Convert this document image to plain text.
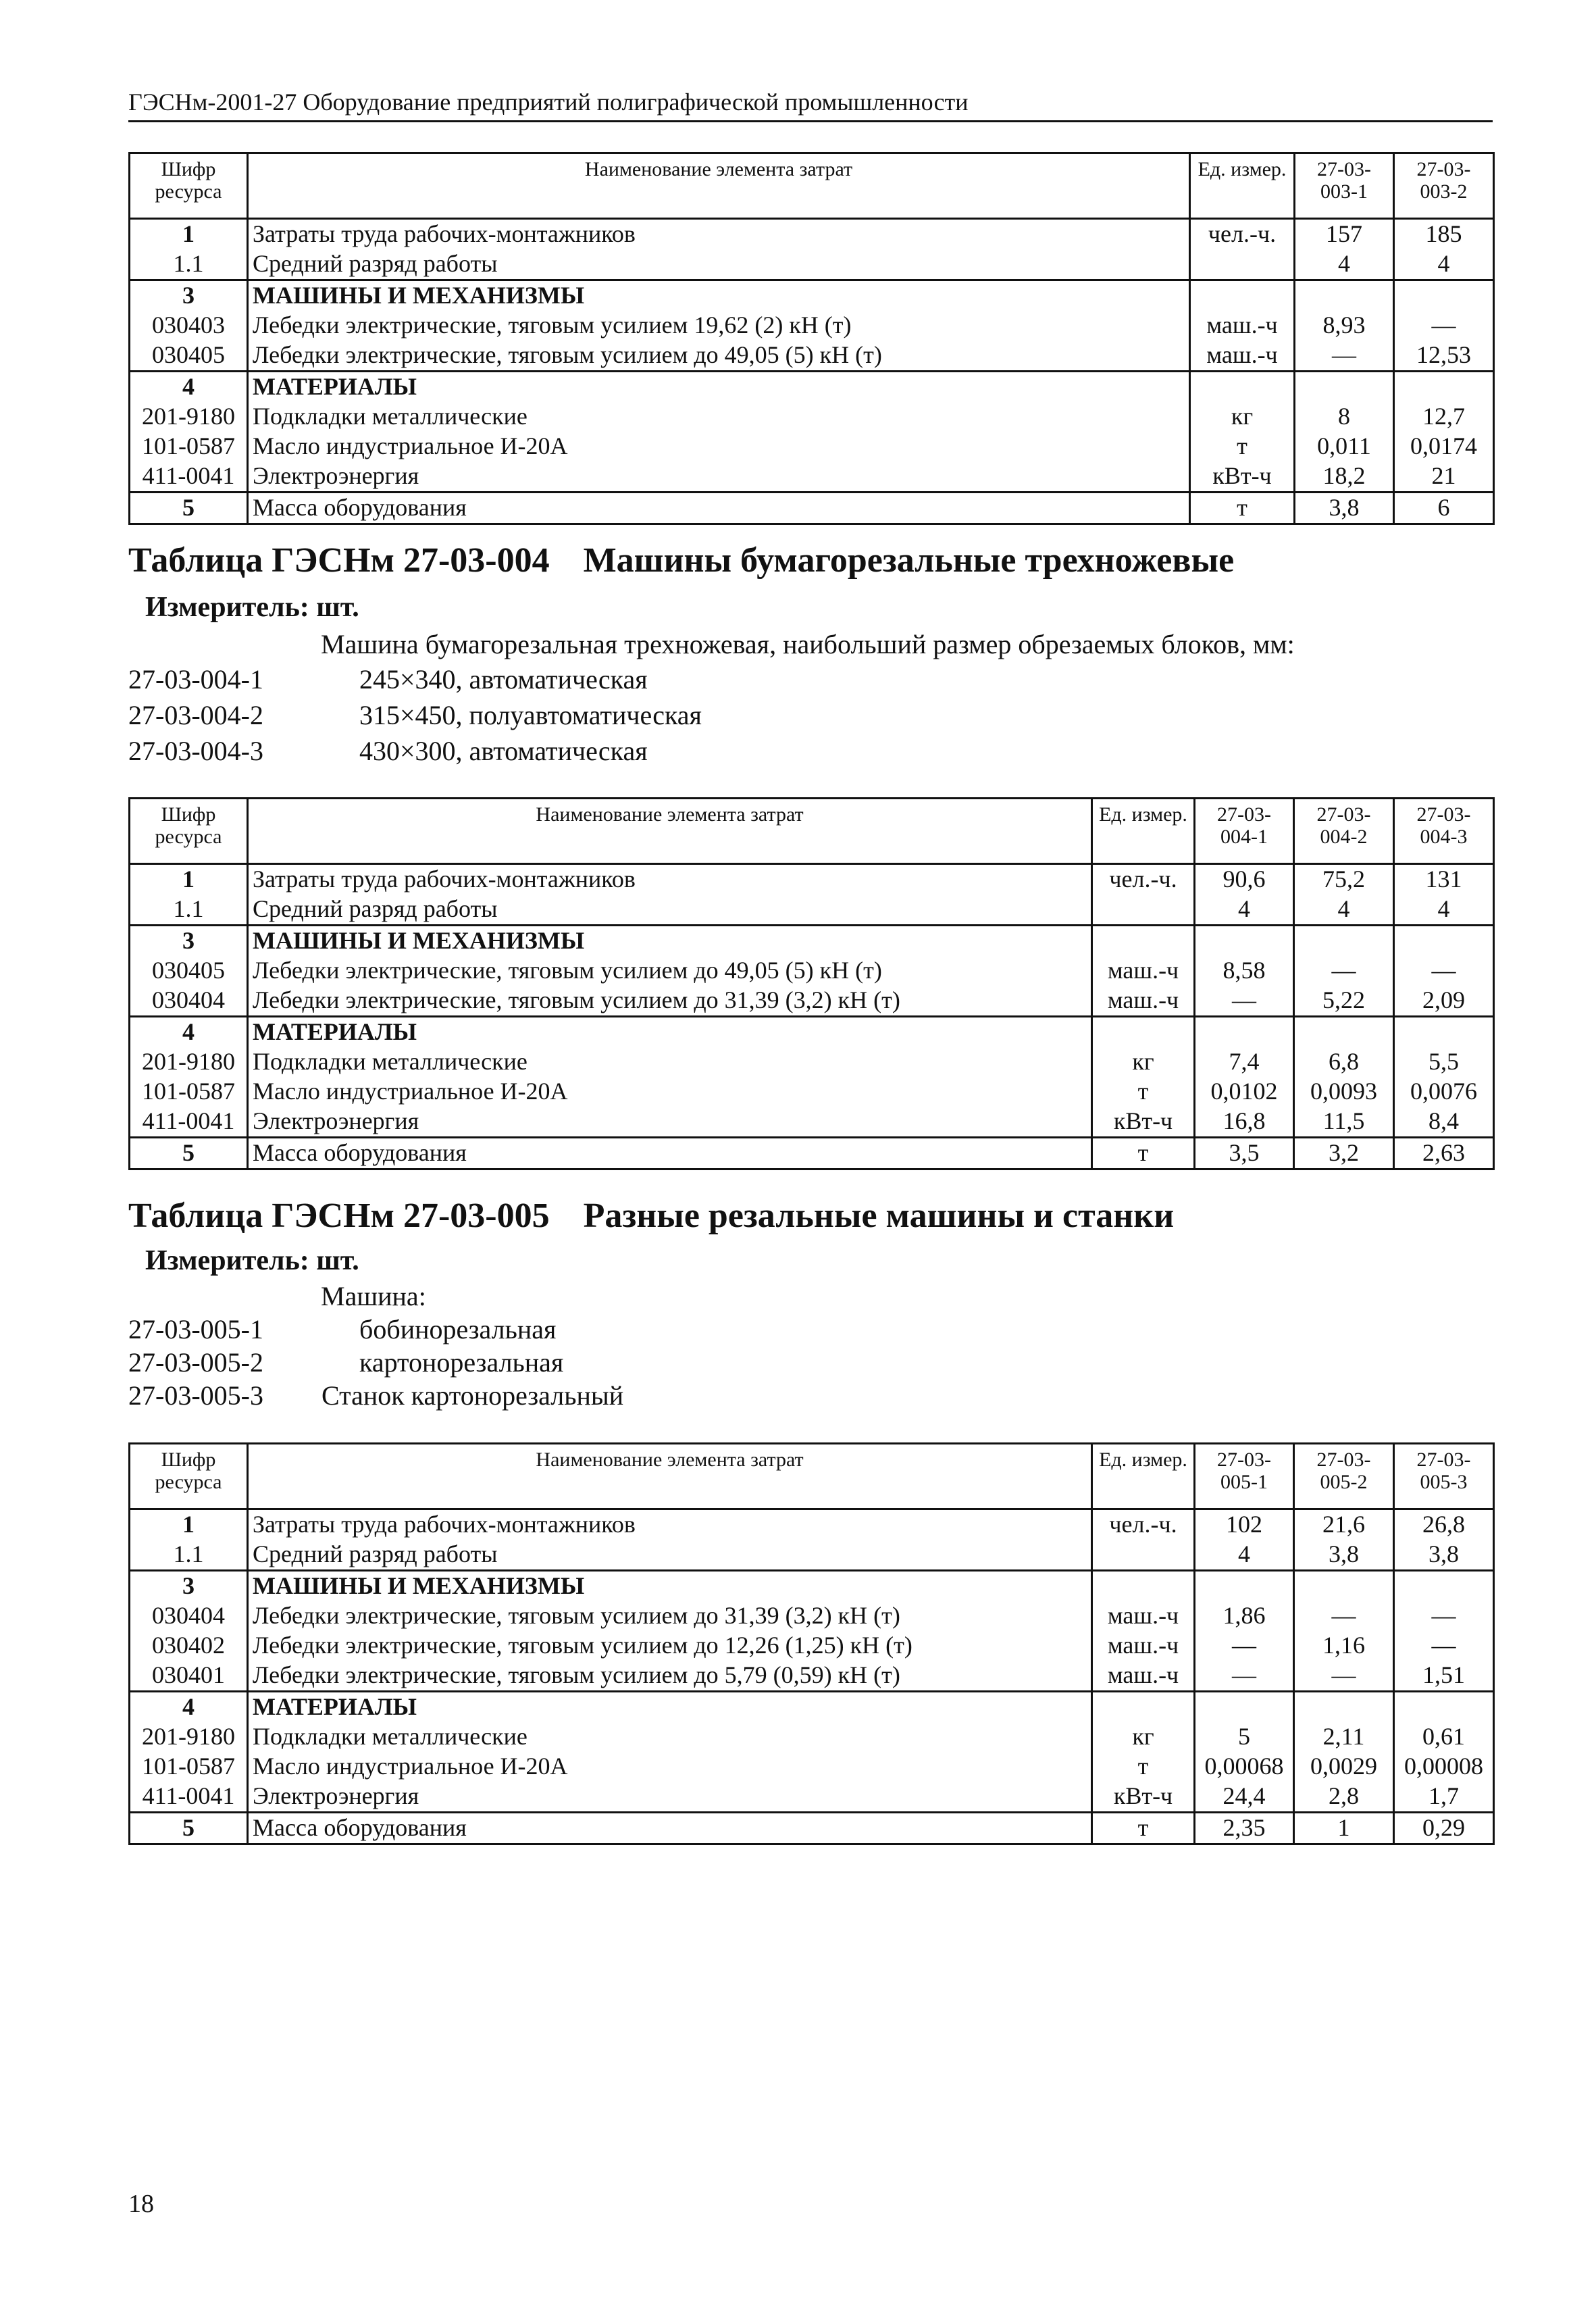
ГЭСНм-2001-27 Оборудование предприятий полиграфической промышленности
Шифр ресурса	Наименование элемента затрат	Ед. измер.	27-03-003-1	27-03-003-2
1	Затраты труда рабочих-монтажников	чел.-ч.	157	185
1.1	Средний разряд работы		4	4
3	МАШИНЫ И МЕХАНИЗМЫ			
030403	Лебедки электрические, тяговым усилием 19,62 (2) кН (т)	маш.-ч	8,93	—
030405	Лебедки электрические, тяговым усилием до 49,05 (5) кН (т)	маш.-ч	—	12,53
4	МАТЕРИАЛЫ			
201-9180	Подкладки металлические	кг	8	12,7
101-0587	Масло индустриальное И-20А	т	0,011	0,0174
411-0041	Электроэнергия	кВт-ч	18,2	21
5	Масса оборудования	т	3,8	6
Таблица ГЭСНм 27-03-004 Машины бумагорезальные трехножевые
Измеритель: шт.
Машина бумагорезальная трехножевая, наибольший размер обрезаемых блоков, мм:
27-03-004-1	245×340, автоматическая
27-03-004-2	315×450, полуавтоматическая
27-03-004-3	430×300, автоматическая
Шифр ресурса	Наименование элемента затрат	Ед. измер.	27-03-004-1	27-03-004-2	27-03-004-3
1	Затраты труда рабочих-монтажников	чел.-ч.	90,6	75,2	131
1.1	Средний разряд работы		4	4	4
3	МАШИНЫ И МЕХАНИЗМЫ				
030405	Лебедки электрические, тяговым усилием до 49,05 (5) кН (т)	маш.-ч	8,58	—	—
030404	Лебедки электрические, тяговым усилием до 31,39 (3,2) кН (т)	маш.-ч	—	5,22	2,09
4	МАТЕРИАЛЫ				
201-9180	Подкладки металлические	кг	7,4	6,8	5,5
101-0587	Масло индустриальное И-20А	т	0,0102	0,0093	0,0076
411-0041	Электроэнергия	кВт-ч	16,8	11,5	8,4
5	Масса оборудования	т	3,5	3,2	2,63
Таблица ГЭСНм 27-03-005 Разные резальные машины и станки
Измеритель: шт.
Машина:
27-03-005-1	бобинорезальная
27-03-005-2	картонорезальная
27-03-005-3 Станок картонорезальный
Шифр ресурса	Наименование элемента затрат	Ед. измер.	27-03-005-1	27-03-005-2	27-03-005-3
1	Затраты труда рабочих-монтажников	чел.-ч.	102	21,6	26,8
1.1	Средний разряд работы		4	3,8	3,8
3	МАШИНЫ И МЕХАНИЗМЫ				
030404	Лебедки электрические, тяговым усилием до 31,39 (3,2) кН (т)	маш.-ч	1,86	—	—
030402	Лебедки электрические, тяговым усилием до 12,26 (1,25) кН (т)	маш.-ч	—	1,16	—
030401	Лебедки электрические, тяговым усилием до 5,79 (0,59) кН (т)	маш.-ч	—	—	1,51
4	МАТЕРИАЛЫ				
201-9180	Подкладки металлические	кг	5	2,11	0,61
101-0587	Масло индустриальное И-20А	т	0,00068	0,0029	0,00008
411-0041	Электроэнергия	кВт-ч	24,4	2,8	1,7
5	Масса оборудования	т	2,35	1	0,29
18
